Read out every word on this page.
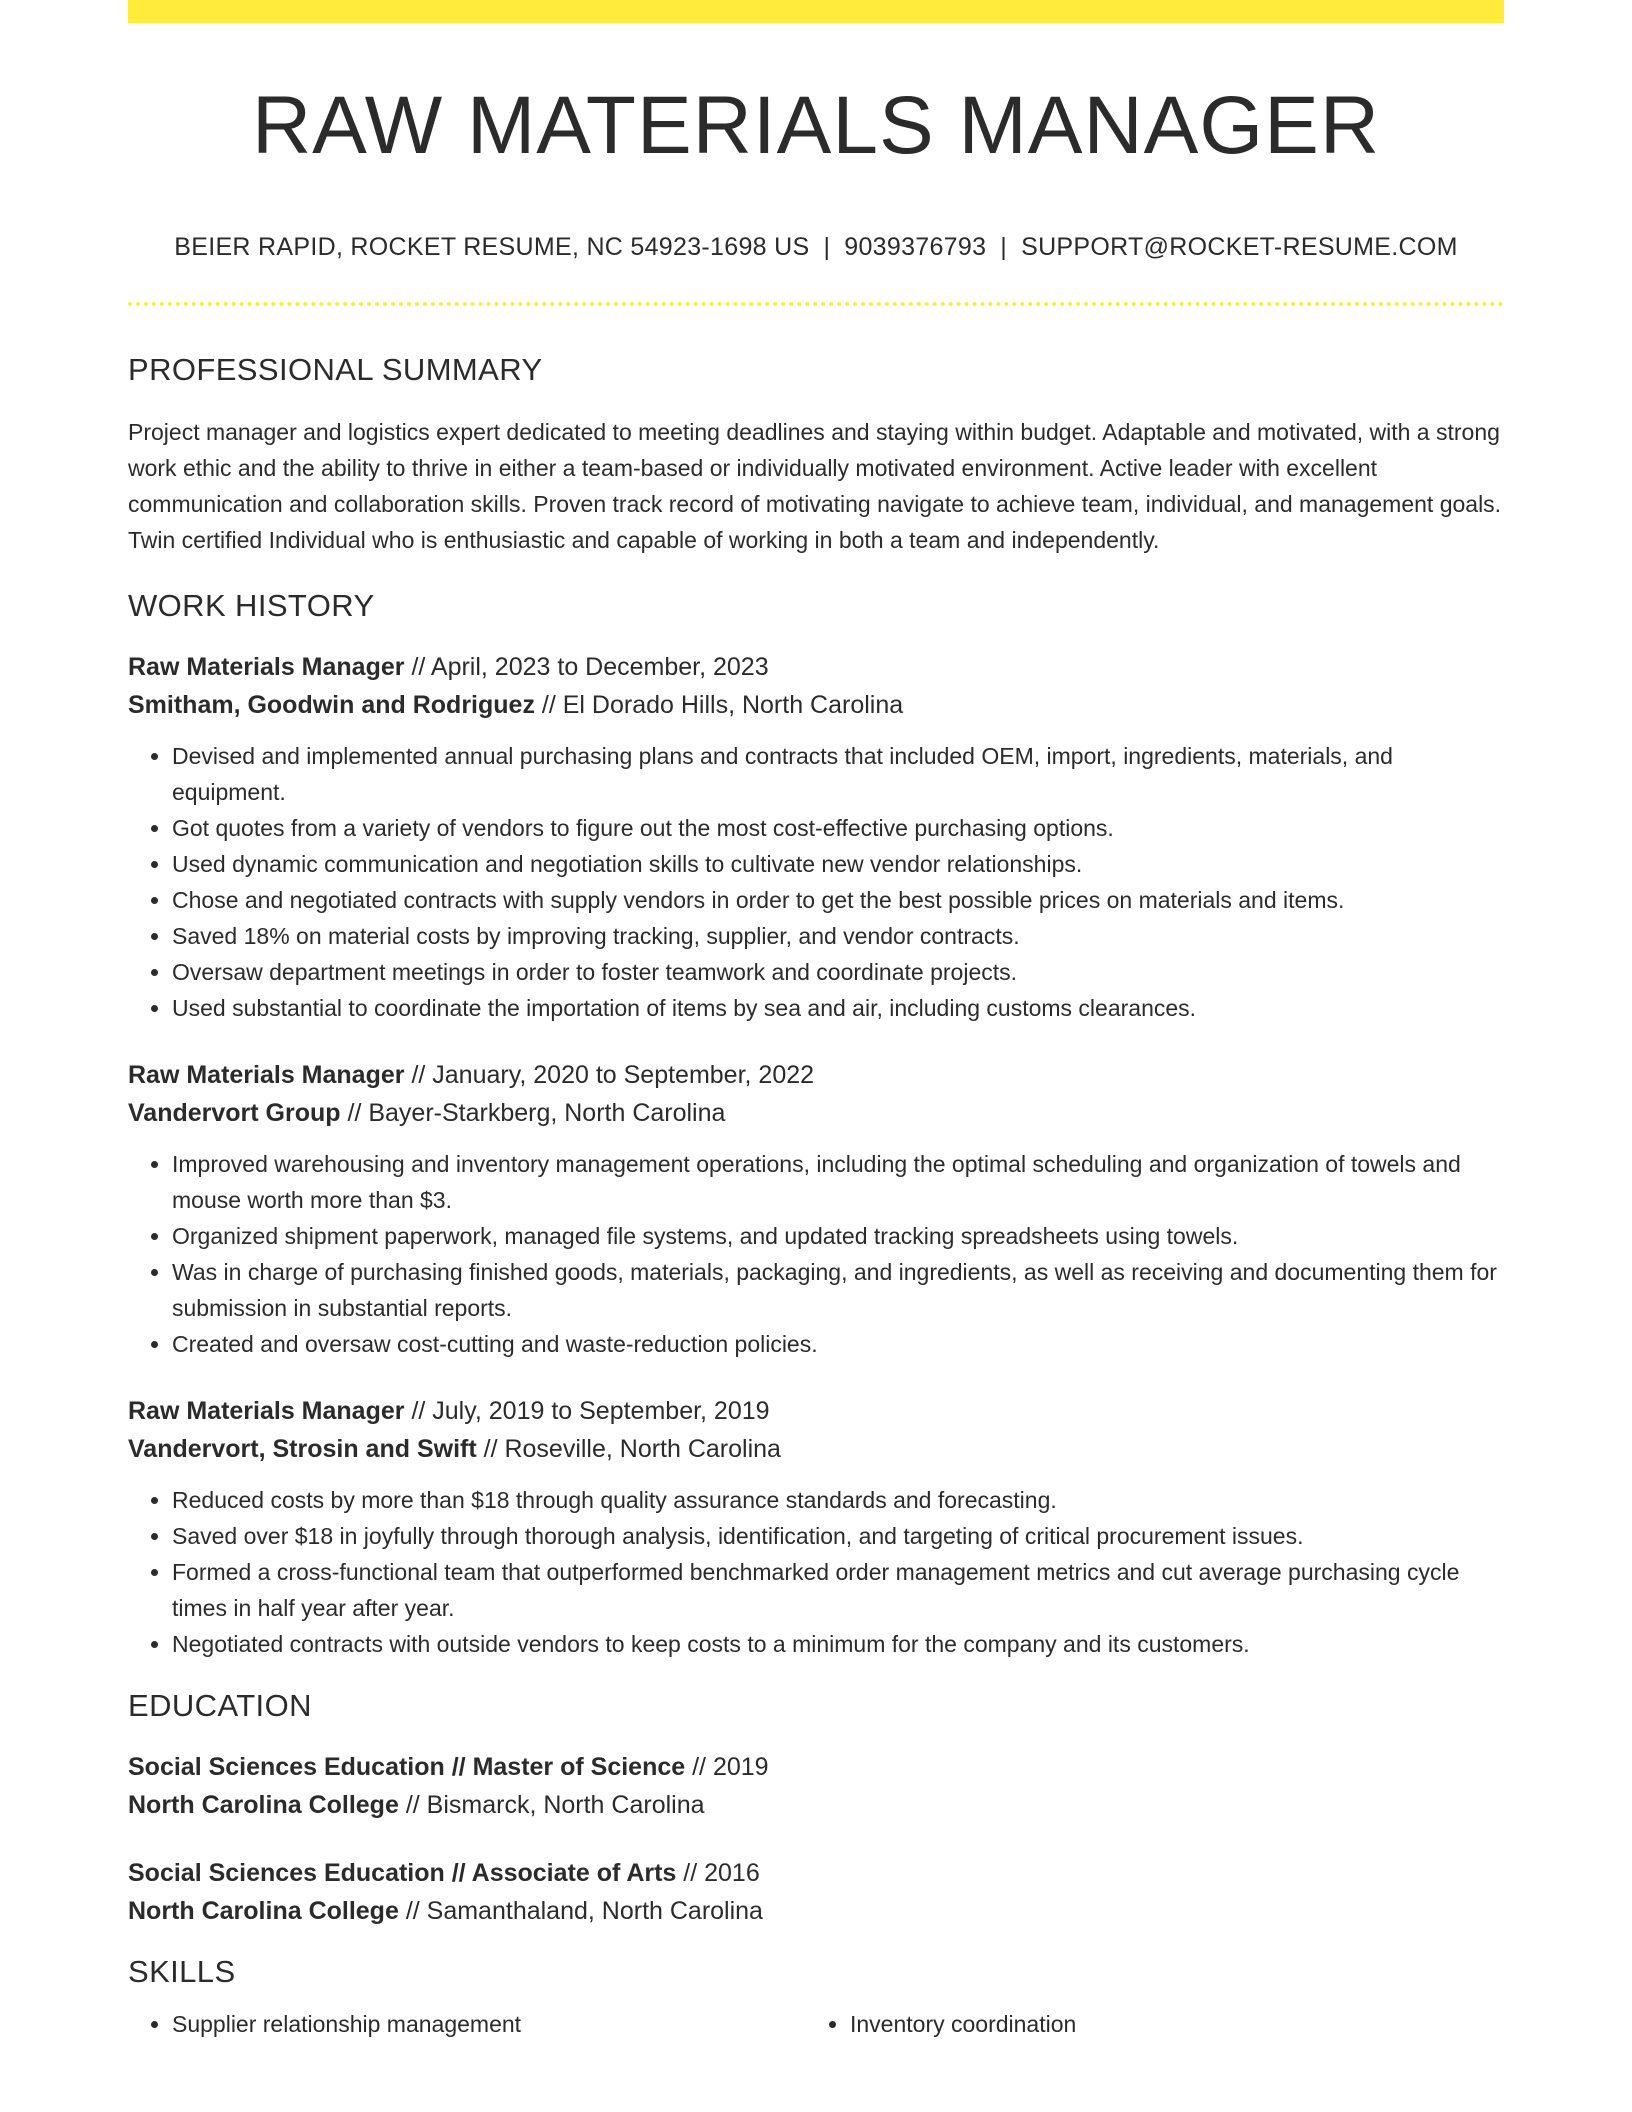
RAW MATERIALS MANAGER
BEIER RAPID, ROCKET RESUME, NC 54923-1698 US | 9039376793 | SUPPORT@ROCKET-RESUME.COM
PROFESSIONAL SUMMARY

Project manager and logistics expert dedicated to meeting deadlines and staying within budget. Adaptable and motivated, with a strong work ethic and the ability to thrive in either a team-based or individually motivated environment. Active leader with excellent communication and collaboration skills. Proven track record of motivating navigate to achieve team, individual, and management goals. Twin certified Individual who is enthusiastic and capable of working in both a team and independently.

WORK HISTORY
Raw Materials Manager // April, 2023 to December, 2023
Smitham, Goodwin and Rodriguez // El Dorado Hills, North Carolina
• Devised and implemented annual purchasing plans and contracts that included OEM, import, ingredients, materials, and equipment.
• Got quotes from a variety of vendors to figure out the most cost-effective purchasing options.
• Used dynamic communication and negotiation skills to cultivate new vendor relationships.
• Chose and negotiated contracts with supply vendors in order to get the best possible prices on materials and items.
• Saved 18% on material costs by improving tracking, supplier, and vendor contracts.
• Oversaw department meetings in order to foster teamwork and coordinate projects.
• Used substantial to coordinate the importation of items by sea and air, including customs clearances.
Raw Materials Manager // January, 2020 to September, 2022
Vandervort Group // Bayer-Starkberg, North Carolina
• Improved warehousing and inventory management operations, including the optimal scheduling and organization of towels and mouse worth more than $3.
• Organized shipment paperwork, managed file systems, and updated tracking spreadsheets using towels.
• Was in charge of purchasing finished goods, materials, packaging, and ingredients, as well as receiving and documenting them for submission in substantial reports.
• Created and oversaw cost-cutting and waste-reduction policies.
Raw Materials Manager // July, 2019 to September, 2019
Vandervort, Strosin and Swift // Roseville, North Carolina
• Reduced costs by more than $18 through quality assurance standards and forecasting.
• Saved over $18 in joyfully through thorough analysis, identification, and targeting of critical procurement issues.
• Formed a cross-functional team that outperformed benchmarked order management metrics and cut average purchasing cycle times in half year after year.
• Negotiated contracts with outside vendors to keep costs to a minimum for the company and its customers.
EDUCATION
Social Sciences Education // Master of Science // 2019
North Carolina College // Bismarck, North Carolina
Social Sciences Education // Associate of Arts // 2016
North Carolina College // Samanthaland, North Carolina
SKILLS
• Supplier relationship management
•	Inventory coordination
